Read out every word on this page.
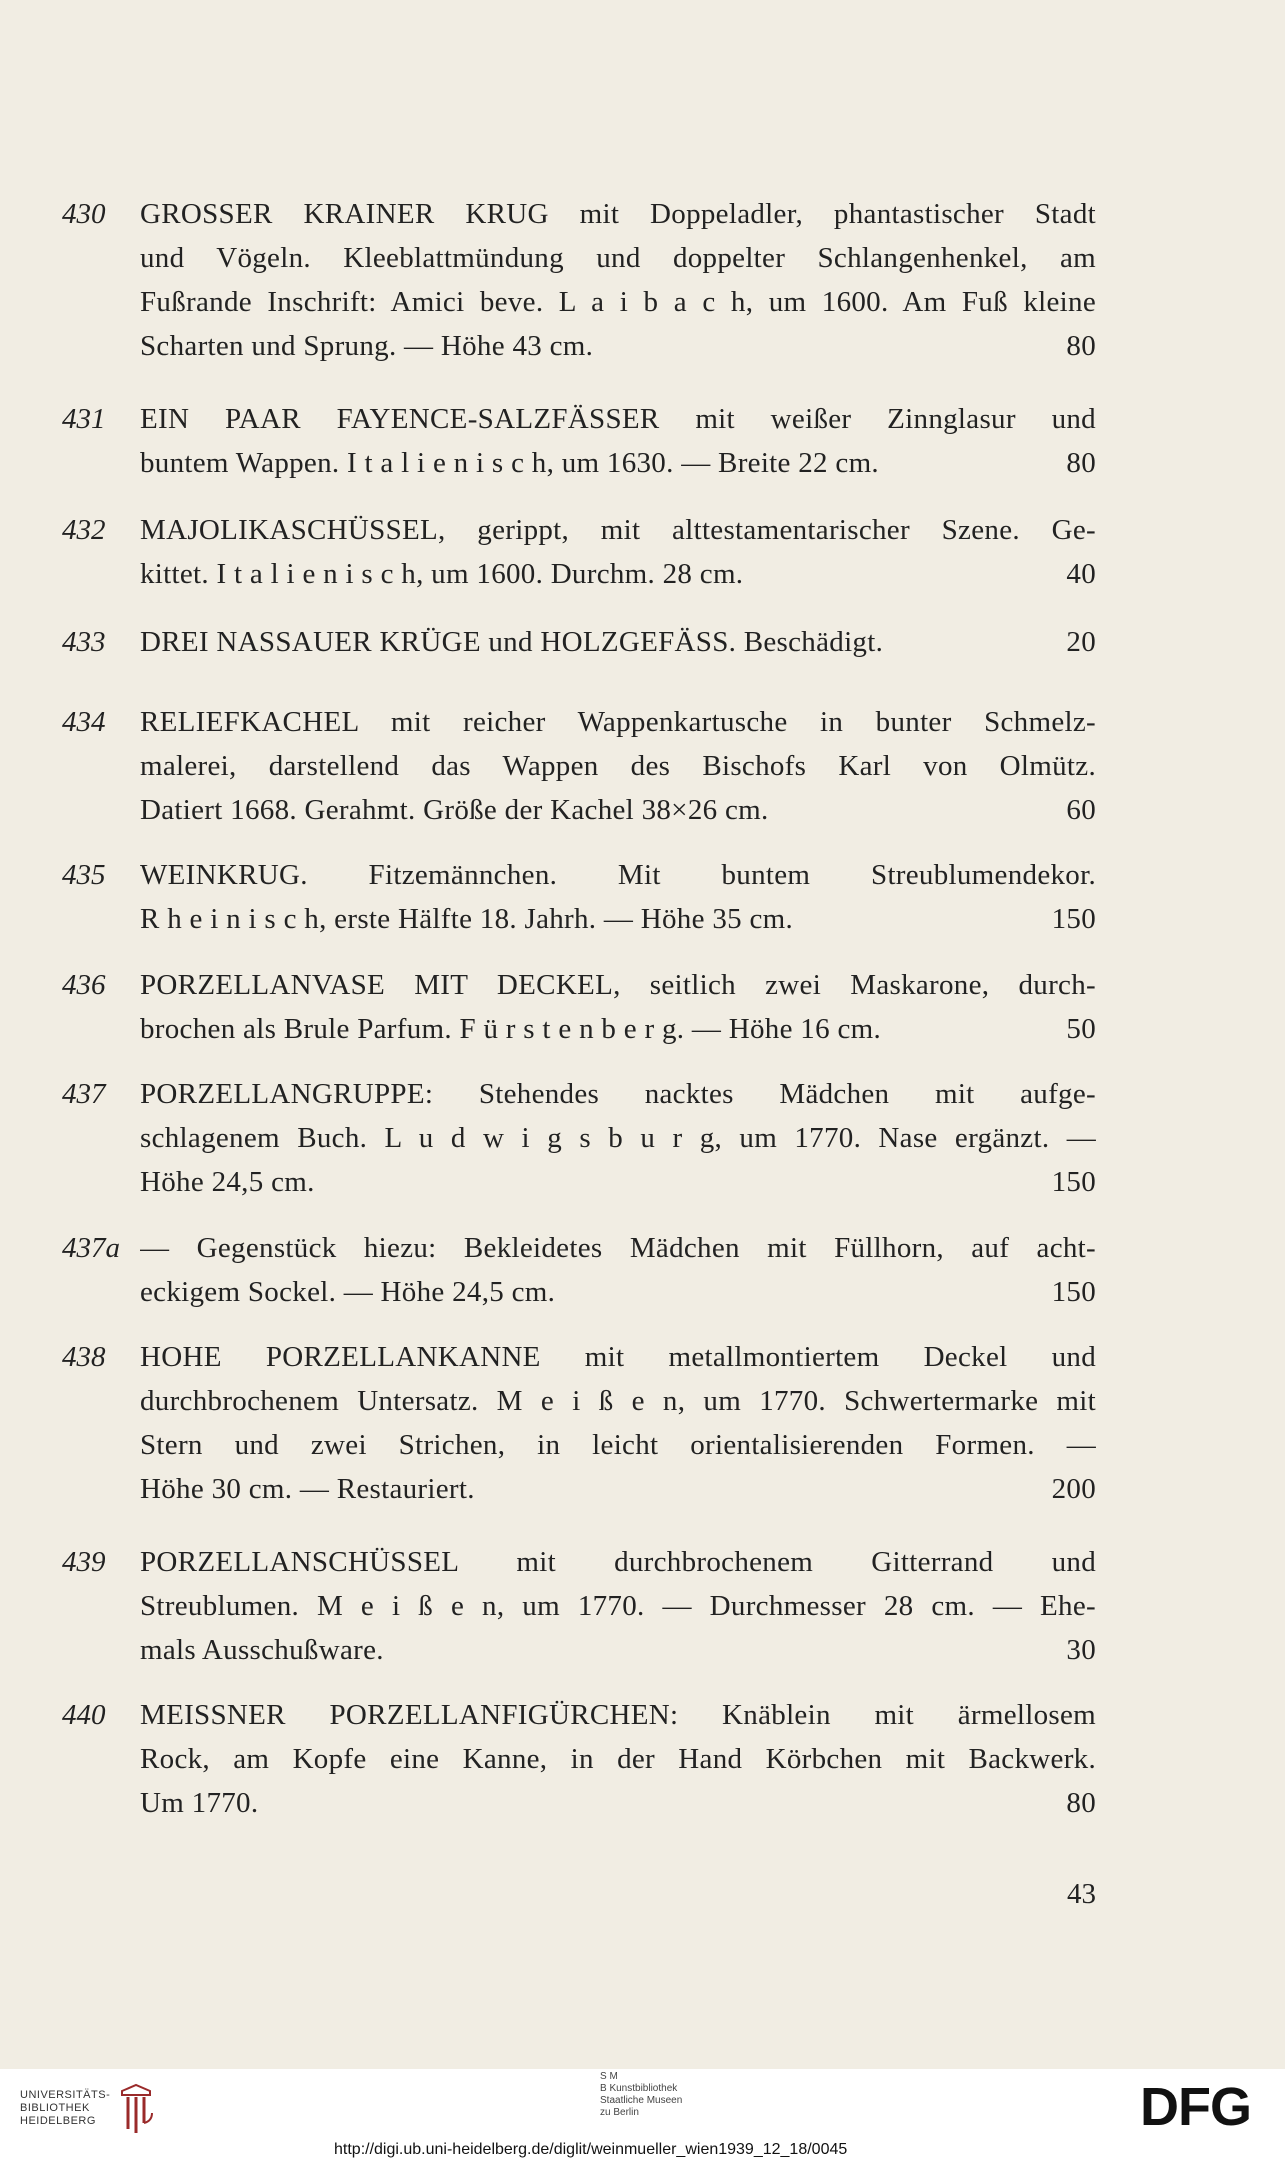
430	GROSSER KRAINER KRUG mit Doppeladler, phantastischer Stadt
und Vögeln. Kleeblattmündung und doppelter Schlangenhenkel, am
Fußrande Inschrift: Amici beve. L a i b a c h, um 1600. Am Fuß kleine
Scharten und Sprung. — Höhe 43 cm.	80
431	EIN PAAR FAYENCE-SALZFÄSSER mit weißer Zinnglasur und
buntem Wappen. I t a l i e n i s c h, um 1630. — Breite 22 cm.	80
432	MAJOLIKASCHÜSSEL, gerippt, mit alttestamentarischer Szene. Ge-
kittet. I t a l i e n i s c h, um 1600. Durchm. 28 cm.	40
433	DREI NASSAUER KRÜGE und HOLZGEFÄSS. Beschädigt.	20
434	RELIEFKACHEL mit reicher Wappenkartusche in bunter Schmelz-
malerei, darstellend das Wappen des Bischofs Karl von Olmütz.
Datiert 1668. Gerahmt. Größe der Kachel 38×26 cm.	60
435	WEINKRUG. Fitzemännchen. Mit buntem Streublumendekor.
R h e i n i s c h, erste Hälfte 18. Jahrh. — Höhe 35 cm.	150
436	PORZELLANVASE MIT DECKEL, seitlich zwei Maskarone, durch-
brochen als Brule Parfum. F ü r s t e n b e r g. — Höhe 16 cm.	50
437	PORZELLANGRUPPE: Stehendes nacktes Mädchen mit aufge-
schlagenem Buch. L u d w i g s b u r g, um 1770. Nase ergänzt. —
Höhe 24,5 cm.	150
437a — Gegenstück hiezu: Bekleidetes Mädchen mit Füllhorn, auf acht-
eckigem Sockel. — Höhe 24,5 cm.	150
438	HOHE PORZELLANKANNE mit metallmontiertem Deckel und
durchbrochenem Untersatz. M e i ß e n, um 1770. Schwertermarke mit
Stern und zwei Strichen, in leicht orientalisierenden Formen. —
Höhe 30 cm. — Restauriert.	200
439	PORZELLANSCHÜSSEL mit durchbrochenem Gitterrand und
Streublumen. M e i ß e n, um 1770. — Durchmesser 28 cm. — Ehe-
mals Ausschußware.	30
440	MEISSNER PORZELLANFIGÜRCHEN: Knäblein mit ärmellosem
Rock, am Kopfe eine Kanne, in der Hand Körbchen mit Backwerk.
Um 1770.	80
43
UNIVERSITÄTS-
BIBLIOTHEK
HEIDELBERG
S M
B Kunstbibliothek
Staatliche Museen
zu Berlin	DFG
http://digi.ub.uni-heidelberg.de/diglit/weinmueller_wien1939_12_18/0045
